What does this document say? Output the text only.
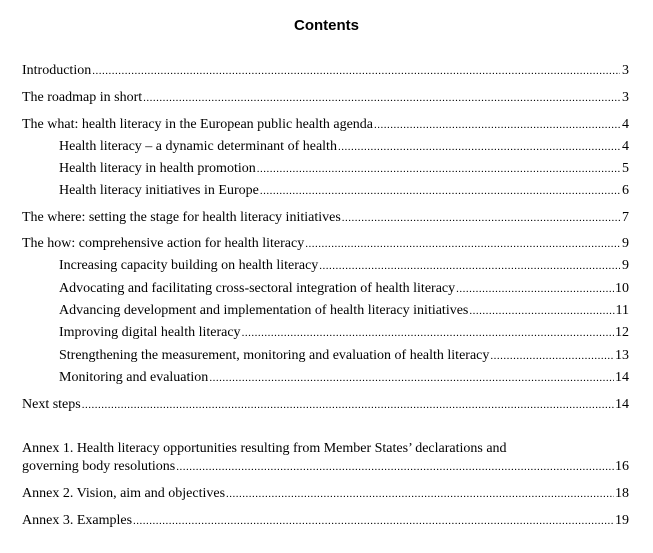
Contents
Introduction .....	3
The roadmap in short .....	3
The what: health literacy in the European public health agenda .....	4
Health literacy – a dynamic determinant of health .....	4
Health literacy in health promotion .....	5
Health literacy initiatives in Europe .....	6
The where: setting the stage for health literacy initiatives .....	7
The how: comprehensive action for health literacy .....	9
Increasing capacity building on health literacy .....	9
Advocating and facilitating cross-sectoral integration of health literacy .....	10
Advancing development and implementation of health literacy initiatives .....	11
Improving digital health literacy .....	12
Strengthening the measurement, monitoring and evaluation of health literacy .....	13
Monitoring and evaluation .....	14
Next steps .....	14
Annex 1. Health literacy opportunities resulting from Member States’ declarations and
governing body resolutions .....	16
Annex 2. Vision, aim and objectives .....	18
Annex 3. Examples .....	19
